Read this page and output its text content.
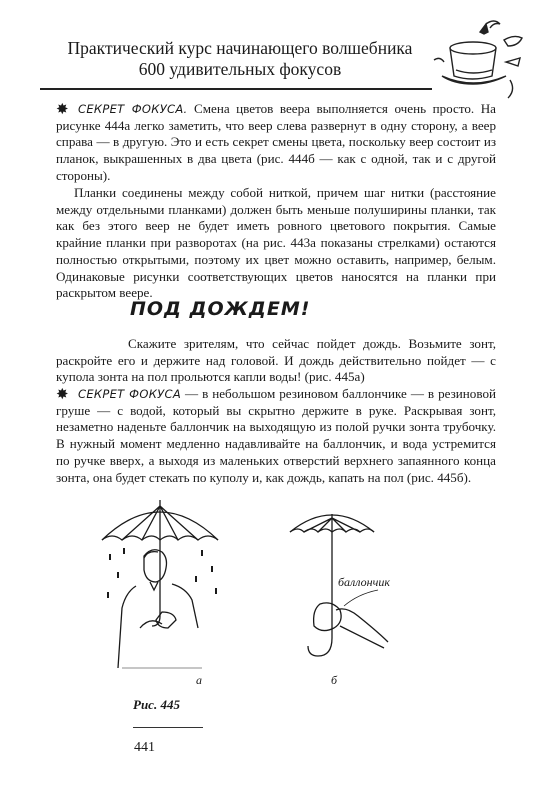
Практический курс начинающего волшебника
600 удивительных фокусов

✸ СЕКРЕТ ФОКУСА. Смена цветов веера выполняется очень просто. На рисунке 444а легко заметить, что веер слева развернут в одну сторону, а веер справа — в другую. Это и есть секрет смены цвета, поскольку веер состоит из планок, выкрашенных в два цвета (рис. 444б — как с одной, так и с другой стороны).

Планки соединены между собой ниткой, причем шаг нитки (расстояние между отдельными планками) должен быть меньше полуширины планки, так как без этого веер не будет иметь ровного цветового покрытия. Самые крайние планки при разворотах (на рис. 443а показаны стрелками) остаются полностью открытыми, поэтому их цвет можно оставить, например, белым. Одинаковые рисунки соответствующих цветов наносятся на планки при раскрытом веере.

ПОД ДОЖДЕМ!

Скажите зрителям, что сейчас пойдет дождь. Возьмите зонт, раскройте его и держите над головой. И дождь действительно пойдет — с купола зонта на пол прольются капли воды! (рис. 445а)

✸ СЕКРЕТ ФОКУСА — в небольшом резиновом баллончике — в резиновой груше — с водой, который вы скрытно держите в руке. Раскрывая зонт, незаметно наденьте баллончик на выходящую из полой ручки зонта трубочку. В нужный момент медленно надавливайте на баллончик, и вода устремится по ручке вверх, а выходя из маленьких отверстий верхнего запаянного конца зонта, она будет стекать по куполу и, как дождь, капать на пол (рис. 445б).

баллончик
а	б
Рис. 445
441
